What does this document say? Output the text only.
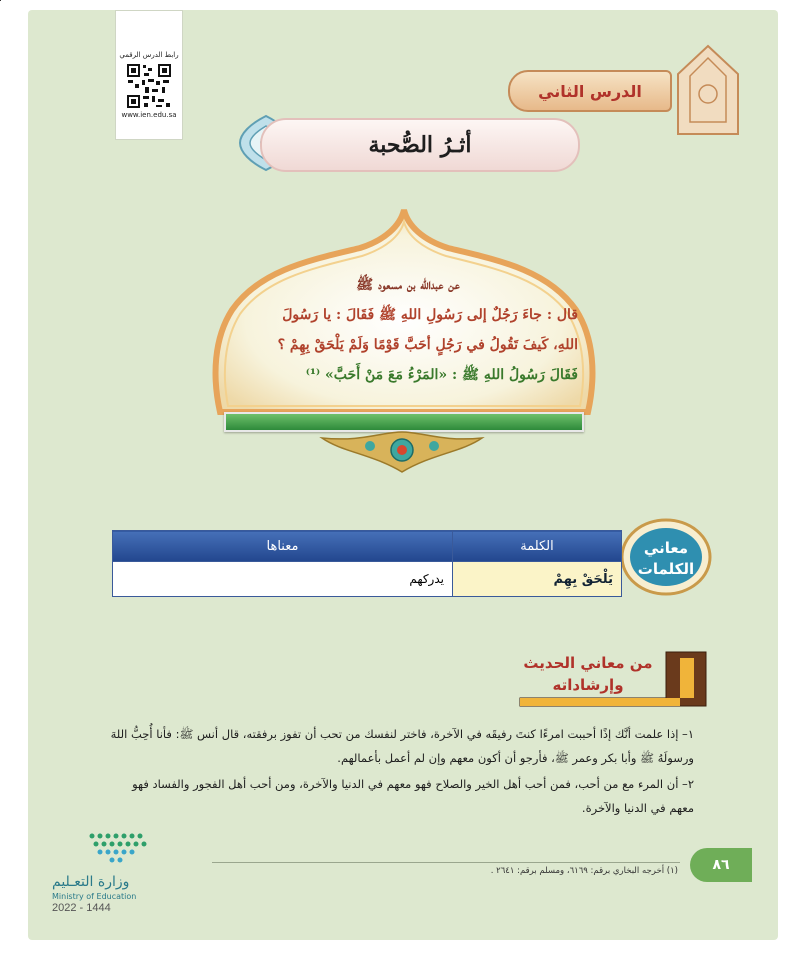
رابط الدرس الرقمي
www.ien.edu.sa
الدرس الثاني
أثـرُ الصُّحبة
عن عبدالله بن مسعود ﷺ
قال : جاءَ رَجُلٌ إلى رَسُولِ اللهِ ﷺ فَقَالَ : يا رَسُولَ
اللهِ، كَيفَ تَقُولُ في رَجُلٍ أحَبَّ قَوْمًا وَلَمْ يَلْحَقْ بِهِمْ ؟
فَقَالَ رَسُولُ اللهِ ﷺ : «المَرْءُ مَعَ مَنْ أَحَبَّ» ⁽¹⁾
معاني
الكلمات
الكلمة	معناها
يَلْحَقْ بِهِمْ	يدركهم
من معاني الحديث
وإرشاداته

١– إذا علمت أنَّك إذًا أحببت امرءًا كنتَ رفيقَه في الآخرة، فاختر لنفسك من تحب أن تفوز برفقته، قال أنس ﷺ: فأنا أُحِبُّ اللهَ ورسولَهُ ﷺ وأبا بكر وعمر ﷺ، فأرجو أن أكون معهم وإن لم أعمل بأعمالهم.

٢– أن المرء مع من أحب، فمن أحب أهل الخير والصلاح فهو معهم في الدنيا والآخرة، ومن أحب أهل الفجور والفساد فهو معهم في الدنيا والآخرة.

(١) أخرجه البخاري برقم: ٦١٦٩، ومسلم برقم: ٢٦٤١ .	٨٦
وزارة التعـليم
Ministry of Education
2022 - 1444
